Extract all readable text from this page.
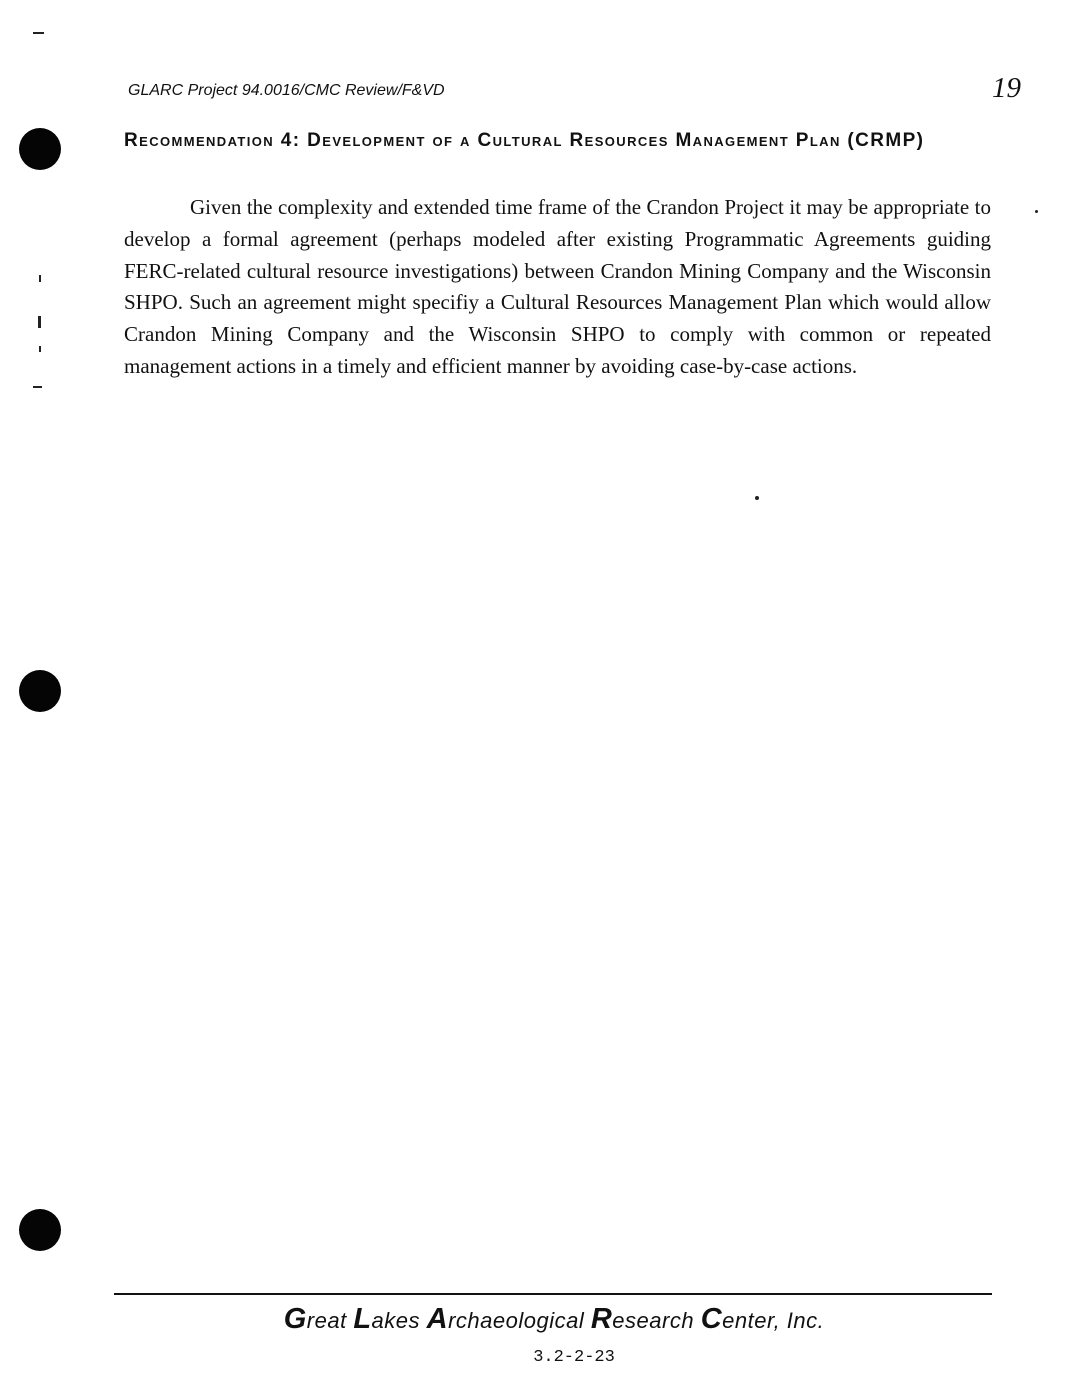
GLARC Project 94.0016/CMC Review/F&VD	19
Recommendation 4: Development of a Cultural Resources Management Plan (CRMP)
Given the complexity and extended time frame of the Crandon Project it may be appropriate to develop a formal agreement (perhaps modeled after existing Programmatic Agreements guiding FERC-related cultural resource investigations) between Crandon Mining Company and the Wisconsin SHPO. Such an agreement might specifiy a Cultural Resources Management Plan which would allow Crandon Mining Company and the Wisconsin SHPO to comply with common or repeated management actions in a timely and efficient manner by avoiding case-by-case actions.
Great Lakes Archaeological Research Center, Inc.
3.2-2-23
